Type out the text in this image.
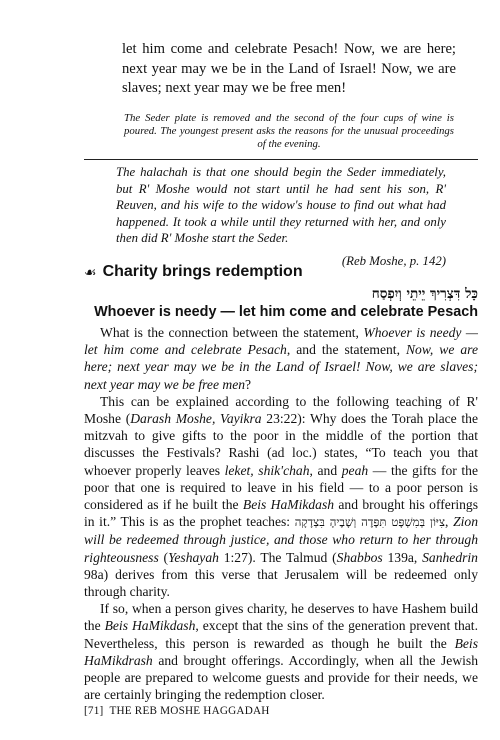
let him come and celebrate Pesach! Now, we are here; next year may we be in the Land of Israel! Now, we are slaves; next year may we be free men!

The Seder plate is removed and the second of the four cups of wine is poured. The youngest present asks the reasons for the unusual proceedings of the evening.

The halachah is that one should begin the Seder immediately, but R' Moshe would not start until he had sent his son, R' Reuven, and his wife to the widow's house to find out what had happened. It took a while until they returned with her, and only then did R' Moshe start the Seder.

(Reb Moshe, p. 142)

☙ Charity brings redemption
כָּל דִּצְרִיךְ יֵיתֵי וְיִפְסַח
Whoever is needy — let him come and celebrate Pesach

What is the connection between the statement, Whoever is needy — let him come and celebrate Pesach, and the statement, Now, we are here; next year may we be in the Land of Israel! Now, we are slaves; next year may we be free men?

This can be explained according to the following teaching of R' Moshe (Darash Moshe, Vayikra 23:22): Why does the Torah place the mitzvah to give gifts to the poor in the middle of the portion that discusses the Festivals? Rashi (ad loc.) states, “To teach you that whoever properly leaves leket, shik'chah, and peah — the gifts for the poor that one is required to leave in his field — to a poor person is considered as if he built the Beis HaMikdash and brought his offerings in it.” This is as the prophet teaches: צִיּוֹן בְּמִשְׁפָּט תִּפָּדֶה וְשָׁבֶיהָ בִּצְדָקָה, Zion will be redeemed through justice, and those who return to her through righteousness (Yeshayah 1:27). The Talmud (Shabbos 139a, Sanhedrin 98a) derives from this verse that Jerusalem will be redeemed only through charity.

If so, when a person gives charity, he deserves to have Hashem build the Beis HaMikdash, except that the sins of the generation prevent that. Nevertheless, this person is rewarded as though he built the Beis HaMikdrash and brought offerings. Accordingly, when all the Jewish people are prepared to welcome guests and provide for their needs, we are certainly bringing the redemption closer.

[71] THE REB MOSHE HAGGADAH
